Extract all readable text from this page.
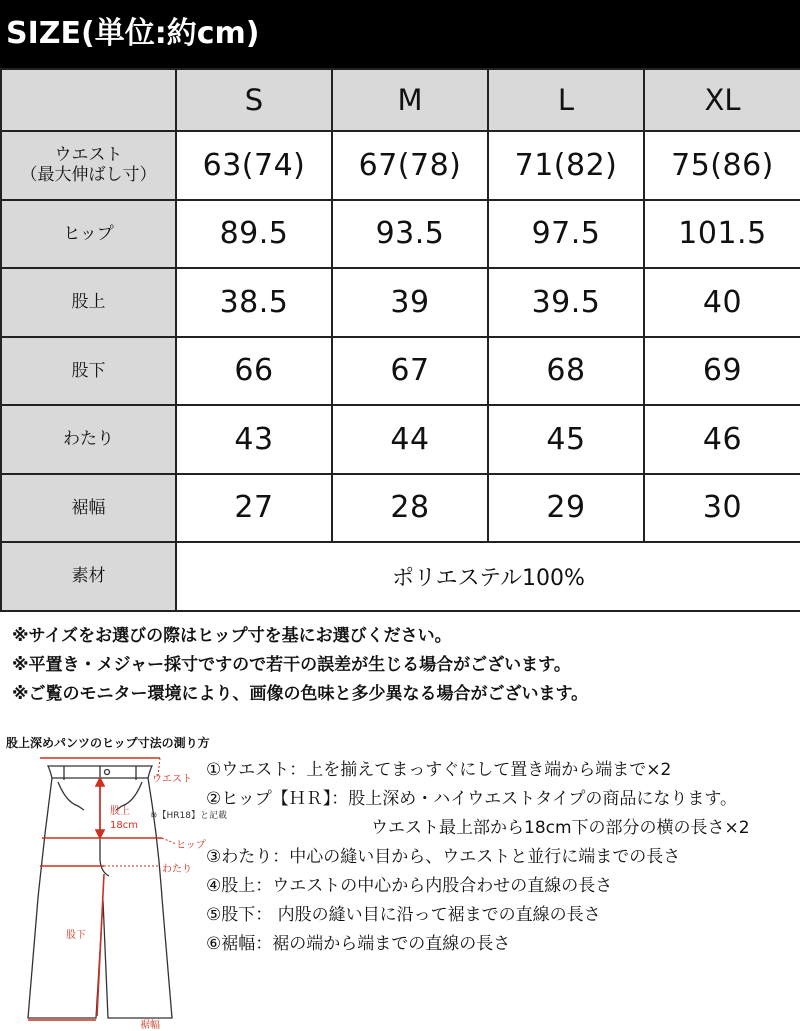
SIZE(単位:約cm)
	S	M	L	XL

ウエスト
（最大伸ばし寸）	63(74)	67(78)	71(82)	75(86)
ヒップ	89.5	93.5	97.5	101.5
股上	38.5	39	39.5	40
股下	66	67	68	69
わたり	43	44	45	46
裾幅	27	28	29	30
素材	ポリエステル100%			
※サイズをお選びの際はヒップ寸を基にお選びください。
※平置き・メジャー採寸ですので若干の誤差が生じる場合がございます。
※ご覧のモニター環境により、画像の色味と多少異なる場合がございます。
股上深めパンツのヒップ寸法の測り方
ウエスト
股上
18cm
ヒップ
わたり
股下
裾幅
※【HR18】と記載
①ウエスト：上を揃えてまっすぐにして置き端から端まで×2
②ヒップ【ＨＲ】：股上深め・ハイウエストタイプの商品になります。
ウエスト最上部から18cm下の部分の横の長さ×2
③わたり：中心の縫い目から、ウエストと並行に端までの長さ
④股上：ウエストの中心から内股合わせの直線の長さ
⑤股下： 内股の縫い目に沿って裾までの直線の長さ
⑥裾幅：裾の端から端までの直線の長さ
